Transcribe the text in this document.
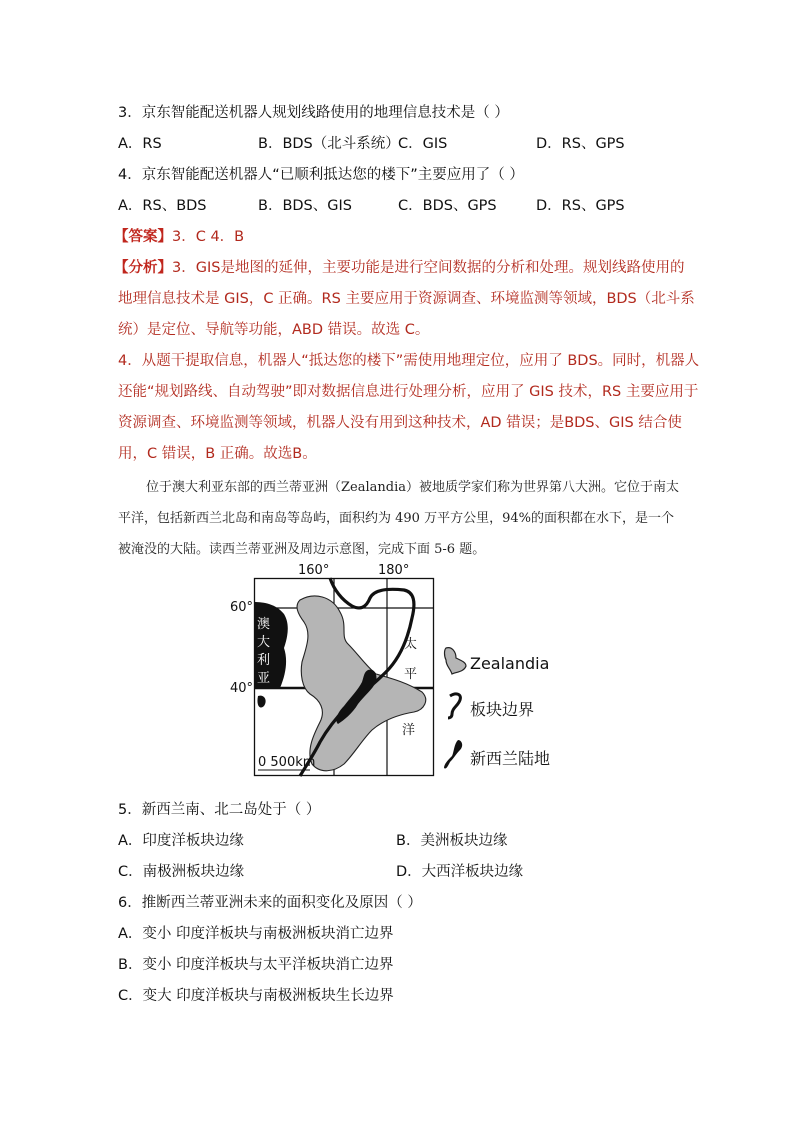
3．京东智能配送机器人规划线路使用的地理信息技术是（ ）
A．RS	B．BDS（北斗系统）
C．GIS	D．RS、GPS
4．京东智能配送机器人“已顺利抵达您的楼下”主要应用了（ ）
A．RS、BDS	B．BDS、GIS	C．BDS、GPS	D．RS、GPS
【答案】3．C 4．B
【分析】3．GIS是地图的延伸，主要功能是进行空间数据的分析和处理。规划线路使用的
地理信息技术是 GIS，C 正确。RS 主要应用于资源调查、环境监测等领域，BDS（北斗系
统）是定位、导航等功能，ABD 错误。故选 C。
4．从题干提取信息，机器人“抵达您的楼下”需使用地理定位，应用了 BDS。同时，机器人
还能“规划路线、自动驾驶”即对数据信息进行处理分析，应用了 GIS 技术，RS 主要应用于
资源调查、环境监测等领域，机器人没有用到这种技术，AD 错误；是BDS、GIS 结合使
用，C 错误，B 正确。故选B。
位于澳大利亚东部的西兰蒂亚洲（Zealandia）被地质学家们称为世界第八大洲。它位于南太平洋，包括新西兰北岛和南岛等岛屿，面积约为 490 万平方公里，94%的面积都在水下，是一个被淹没的大陆。读西兰蒂亚洲及周边示意图，完成下面 5-6 题。
160°	180°
60°
40°
澳
大
利
亚
太
平
洋
0 500km
Zealandia
板块边界
新西兰陆地
5．新西兰南、北二岛处于（ ）
A．印度洋板块边缘	B．美洲板块边缘
C．南极洲板块边缘	D．大西洋板块边缘
6．推断西兰蒂亚洲未来的面积变化及原因（ ）
A．变小 印度洋板块与南极洲板块消亡边界
B．变小 印度洋板块与太平洋板块消亡边界
C．变大 印度洋板块与南极洲板块生长边界
